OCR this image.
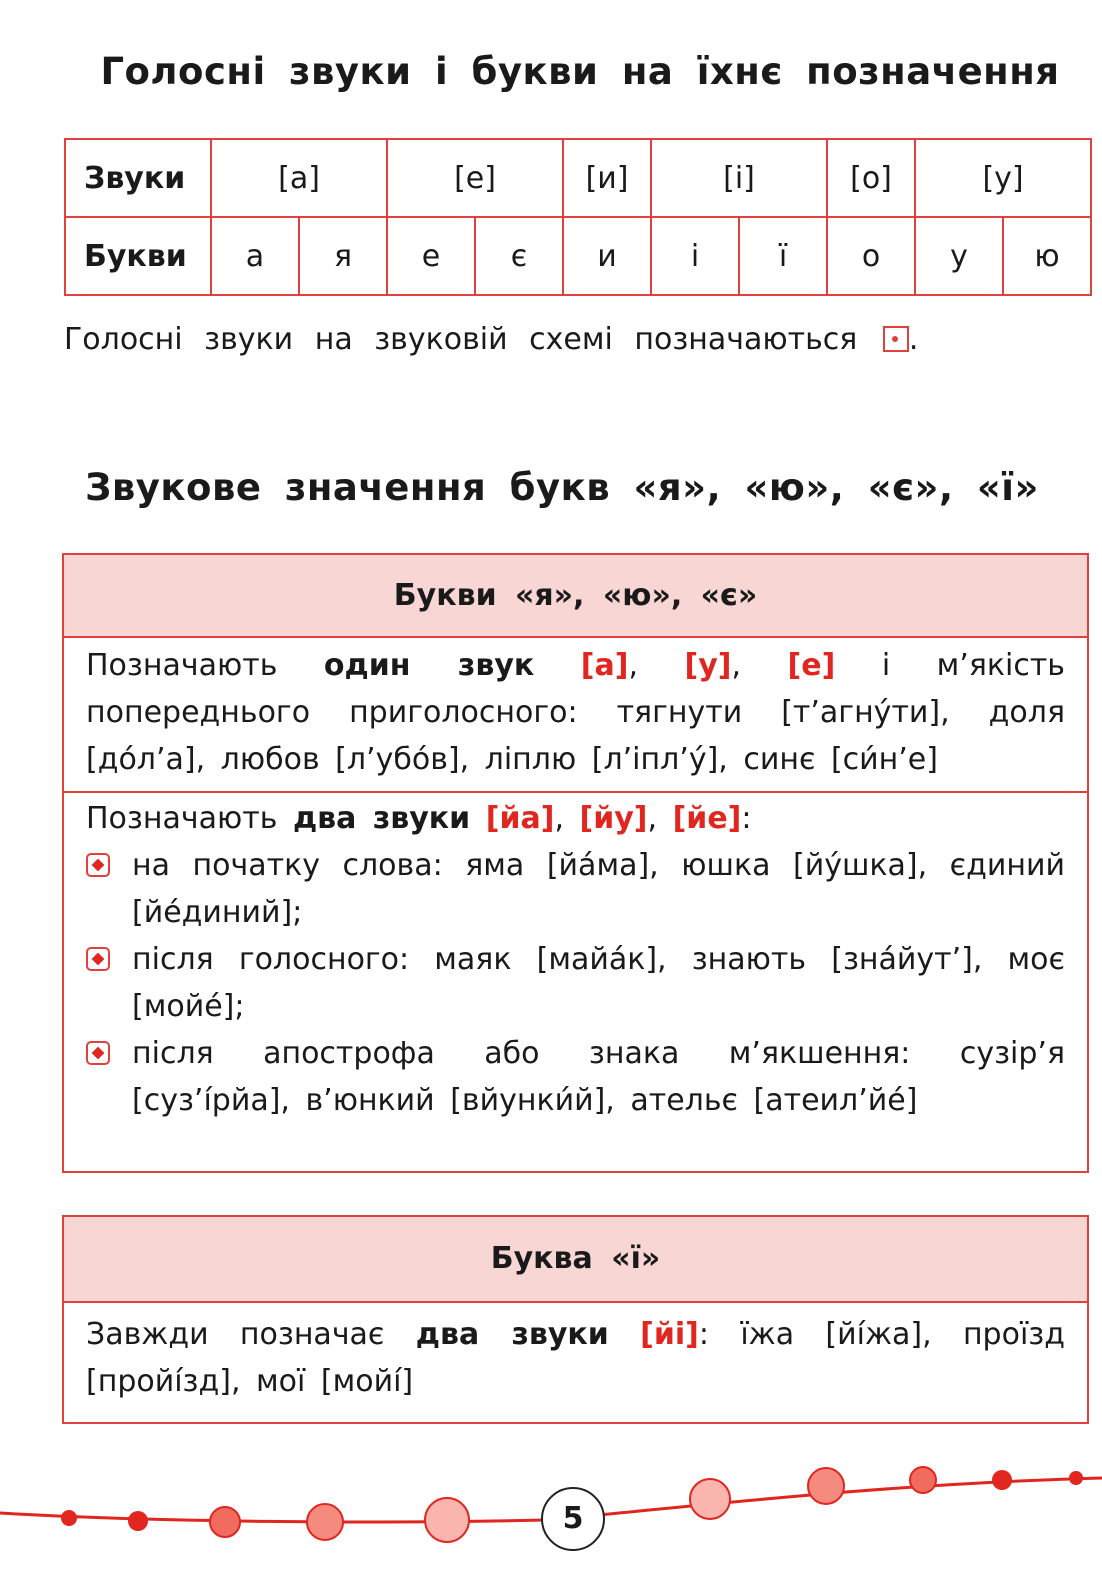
Голосні звуки і букви на їхнє позначення
Звуки	[а]		[е]		[и]	[і]		[о]	[у]	
Букви	а	я	е	є	и	і	ї	о	у	ю
Голосні звуки на звуковій схемі позначаються .
Звукове значення букв «я», «ю», «є», «ї»
Букви «я», «ю», «є»

Позначають один звук [а], [у], [е] і м’якість попереднього приголосного: тягнути [т’агну́ти], доля [до́л’а], любов [л’убо́в], ліплю [л’іпл’у́], синє [си́н’е]

Позначають два звуки [йа], [йу], [йе]:

на початку слова: яма [йа́ма], юшка [йу́шка], єдиний [йе́диний];
після голосного: маяк [майа́к], знають [зна́йут’], моє [мойе́];
після апострофа або знака м’якшення: сузір’я [суз’і́рйа], в’юнкий [вйунки́й], ательє [атеил’йе́]
Буква «ї»

Завжди позначає два звуки [йі]: їжа [йі́жа], проїзд [пройі́зд], мої [мойі́]

5
